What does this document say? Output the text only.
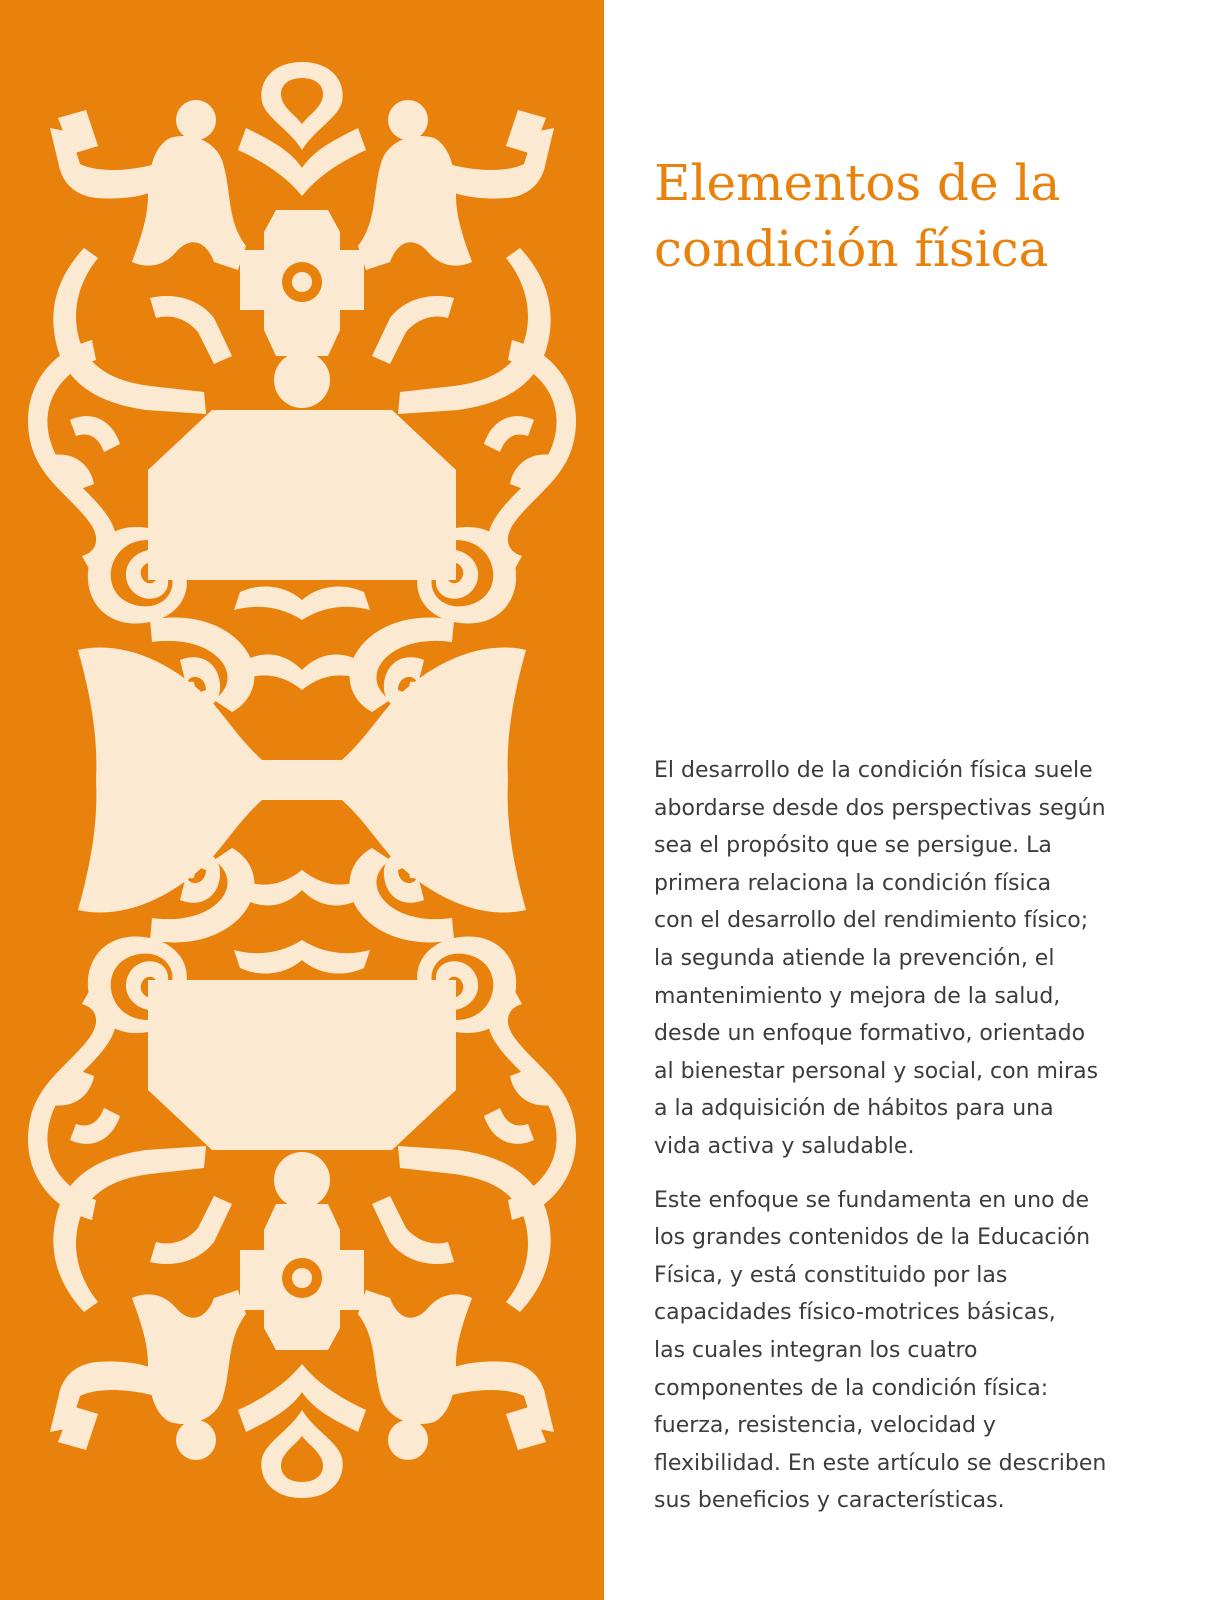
Elementos de la
condición física

El desarrollo de la condición física suele
abordarse desde dos perspectivas según
sea el propósito que se persigue. La
primera relaciona la condición física
con el desarrollo del rendimiento físico;
la segunda atiende la prevención, el
mantenimiento y mejora de la salud,
desde un enfoque formativo, orientado
al bienestar personal y social, con miras
a la adquisición de hábitos para una
vida activa y saludable.

Este enfoque se fundamenta en uno de
los grandes contenidos de la Educación
Física, y está constituido por las
capacidades físico-motrices básicas,
las cuales integran los cuatro
componentes de la condición física:
fuerza, resistencia, velocidad y
flexibilidad. En este artículo se describen
sus beneficios y características.
